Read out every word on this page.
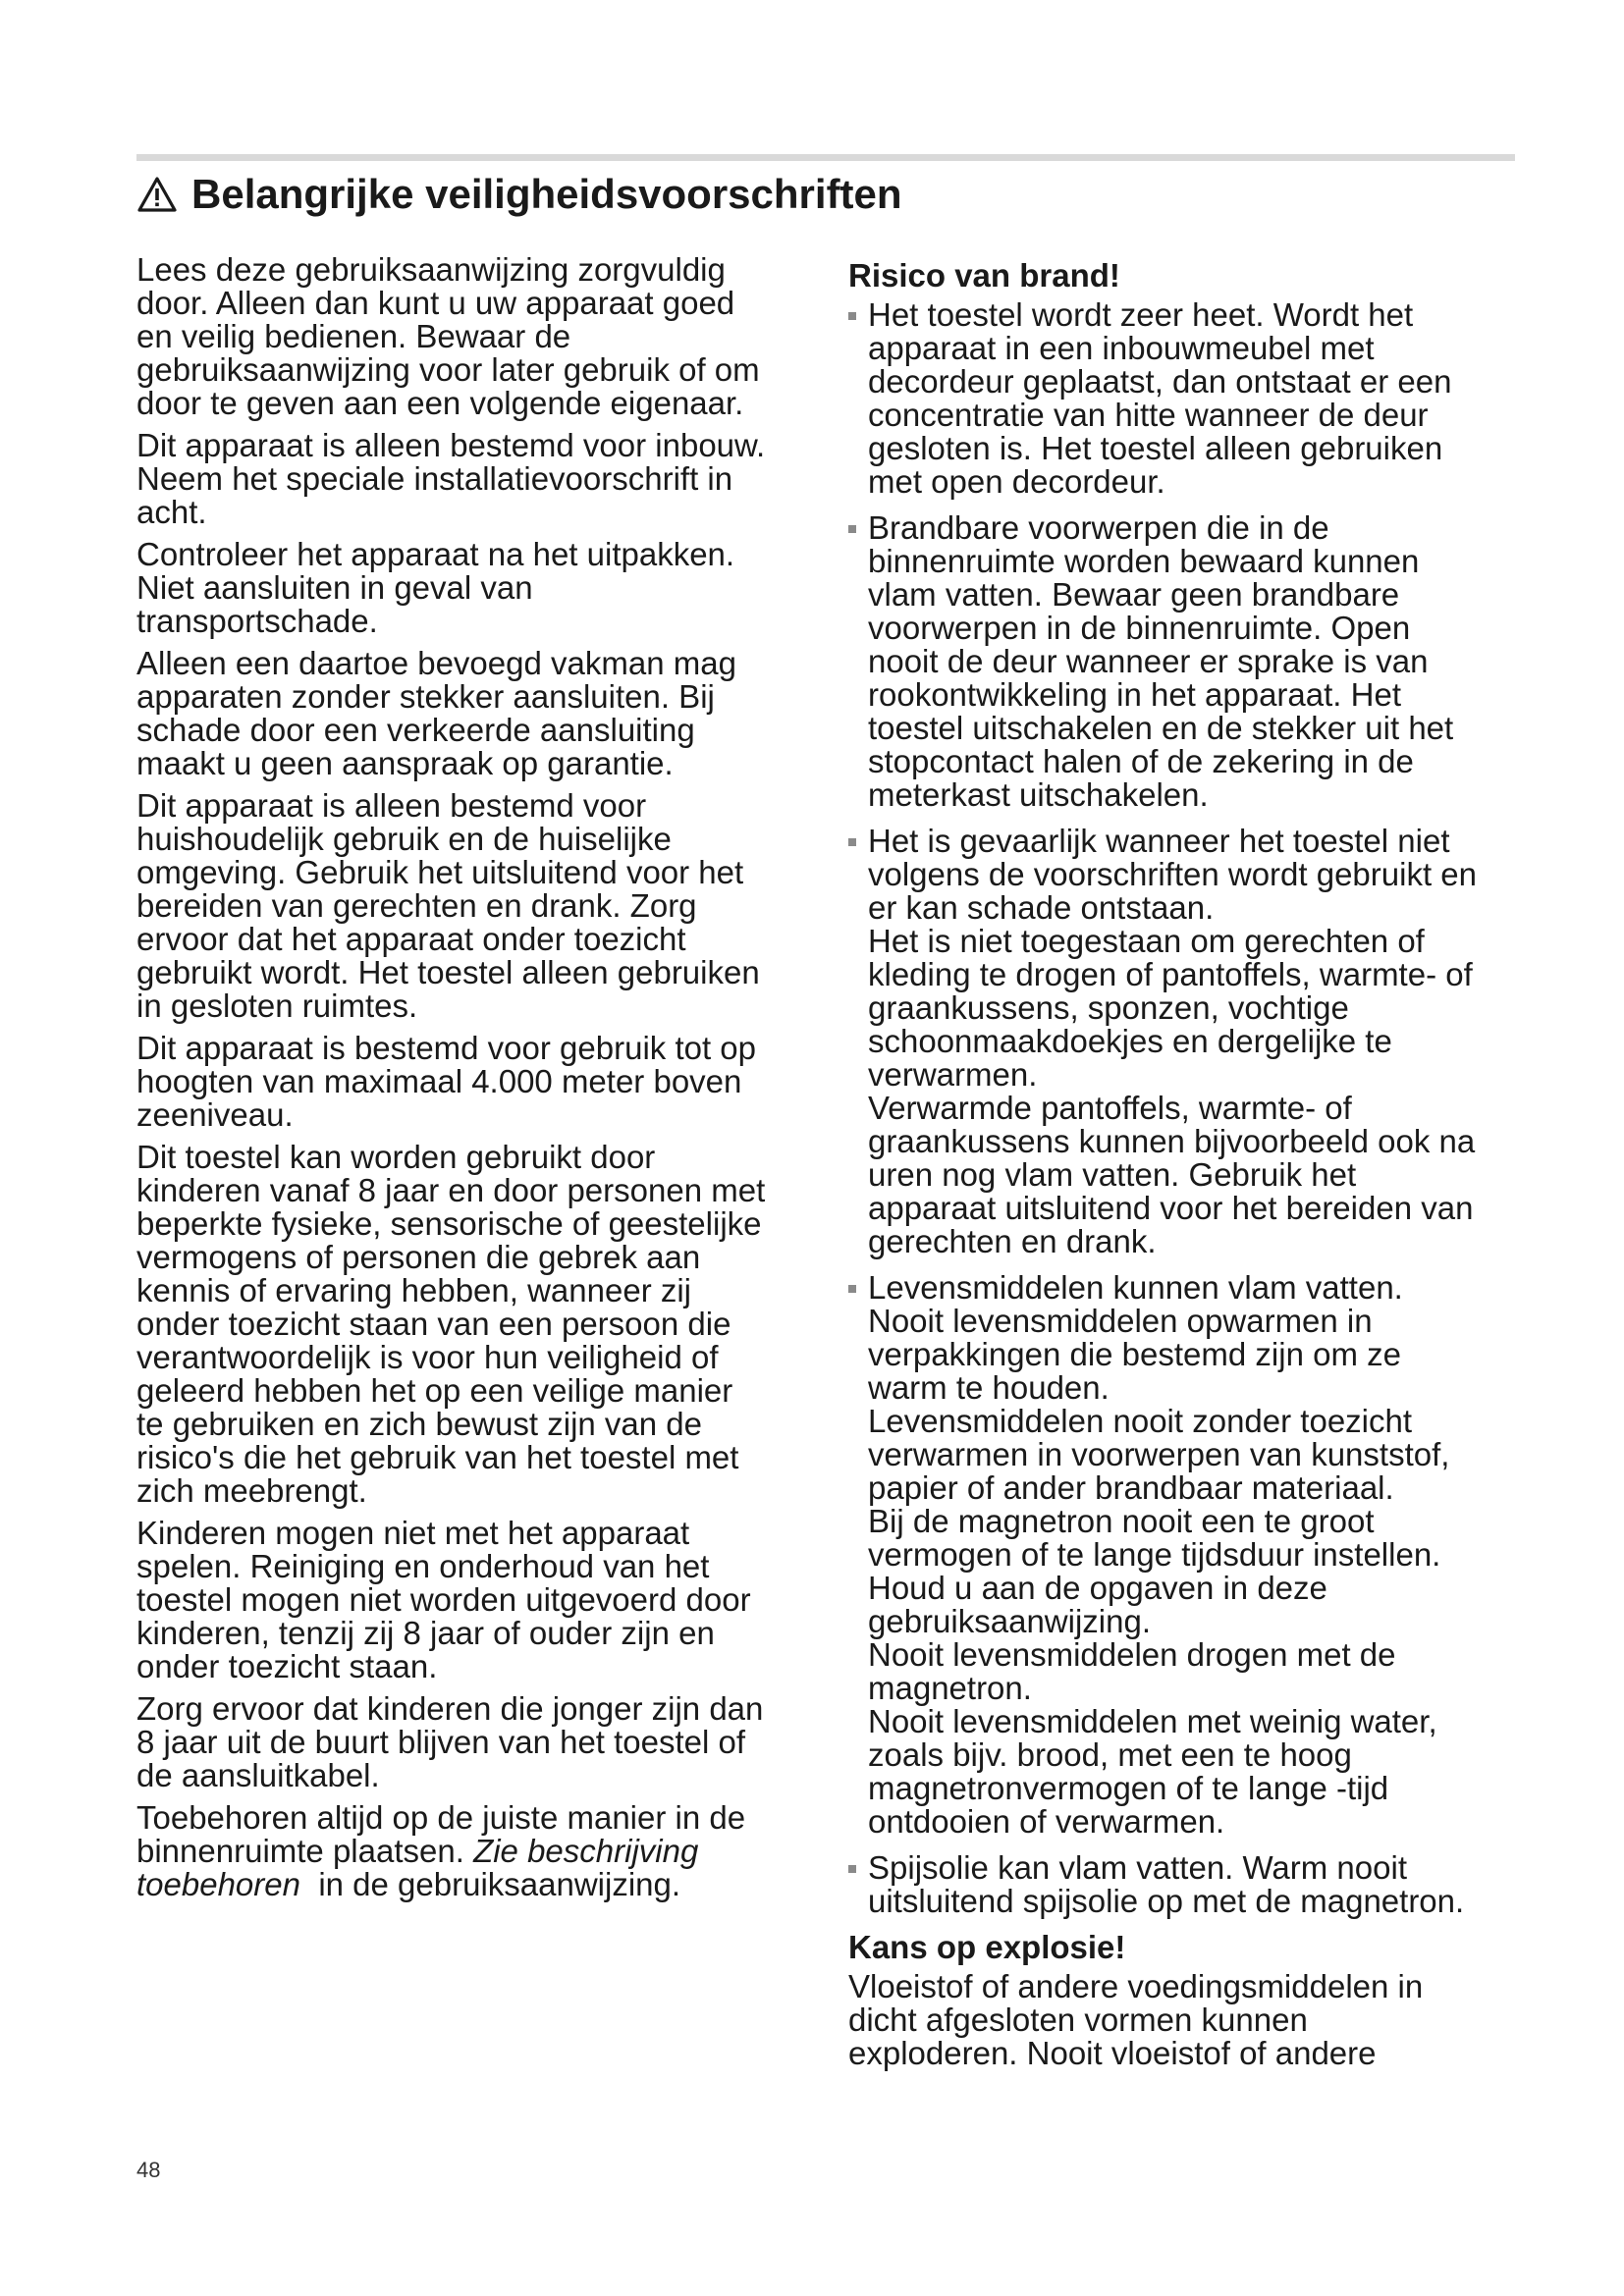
Belangrijke veiligheidsvoorschriften

Lees deze gebruiksaanwijzing zorgvuldig
door. Alleen dan kunt u uw apparaat goed
en veilig bedienen. Bewaar de
gebruiksaanwijzing voor later gebruik of om
door te geven aan een volgende eigenaar.

Dit apparaat is alleen bestemd voor inbouw.
Neem het speciale installatievoorschrift in
acht.

Controleer het apparaat na het uitpakken.
Niet aansluiten in geval van
transportschade.

Alleen een daartoe bevoegd vakman mag
apparaten zonder stekker aansluiten. Bij
schade door een verkeerde aansluiting
maakt u geen aanspraak op garantie.

Dit apparaat is alleen bestemd voor
huishoudelijk gebruik en de huiselijke
omgeving. Gebruik het uitsluitend voor het
bereiden van gerechten en drank. Zorg
ervoor dat het apparaat onder toezicht
gebruikt wordt. Het toestel alleen gebruiken
in gesloten ruimtes.

Dit apparaat is bestemd voor gebruik tot op
hoogten van maximaal 4.000 meter boven
zeeniveau.

Dit toestel kan worden gebruikt door
kinderen vanaf 8 jaar en door personen met
beperkte fysieke, sensorische of geestelijke
vermogens of personen die gebrek aan
kennis of ervaring hebben, wanneer zij
onder toezicht staan van een persoon die
verantwoordelijk is voor hun veiligheid of
geleerd hebben het op een veilige manier
te gebruiken en zich bewust zijn van de
risico's die het gebruik van het toestel met
zich meebrengt.

Kinderen mogen niet met het apparaat
spelen. Reiniging en onderhoud van het
toestel mogen niet worden uitgevoerd door
kinderen, tenzij zij 8 jaar of ouder zijn en
onder toezicht staan.

Zorg ervoor dat kinderen die jonger zijn dan
8 jaar uit de buurt blijven van het toestel of
de aansluitkabel.

Toebehoren altijd op de juiste manier in de
binnenruimte plaatsen. Zie beschrijving
toebehoren  in de gebruiksaanwijzing.

Risico van brand!
Het toestel wordt zeer heet. Wordt het
apparaat in een inbouwmeubel met
decordeur geplaatst, dan ontstaat er een
concentratie van hitte wanneer de deur
gesloten is. Het toestel alleen gebruiken
met open decordeur.
Brandbare voorwerpen die in de
binnenruimte worden bewaard kunnen
vlam vatten. Bewaar geen brandbare
voorwerpen in de binnenruimte. Open
nooit de deur wanneer er sprake is van
rookontwikkeling in het apparaat. Het
toestel uitschakelen en de stekker uit het
stopcontact halen of de zekering in de
meterkast uitschakelen.
Het is gevaarlijk wanneer het toestel niet
volgens de voorschriften wordt gebruikt en
er kan schade ontstaan.
Het is niet toegestaan om gerechten of
kleding te drogen of pantoffels, warmte- of
graankussens, sponzen, vochtige
schoonmaakdoekjes en dergelijke te
verwarmen.
Verwarmde pantoffels, warmte- of
graankussens kunnen bijvoorbeeld ook na
uren nog vlam vatten. Gebruik het
apparaat uitsluitend voor het bereiden van
gerechten en drank.
Levensmiddelen kunnen vlam vatten.
Nooit levensmiddelen opwarmen in
verpakkingen die bestemd zijn om ze
warm te houden.
Levensmiddelen nooit zonder toezicht
verwarmen in voorwerpen van kunststof,
papier of ander brandbaar materiaal.
Bij de magnetron nooit een te groot
vermogen of te lange tijdsduur instellen.
Houd u aan de opgaven in deze
gebruiksaanwijzing.
Nooit levensmiddelen drogen met de
magnetron.
Nooit levensmiddelen met weinig water,
zoals bijv. brood, met een te hoog
magnetronvermogen of te lange -tijd
ontdooien of verwarmen.
Spijsolie kan vlam vatten. Warm nooit
uitsluitend spijsolie op met de magnetron.
Kans op explosie!

Vloeistof of andere voedingsmiddelen in
dicht afgesloten vormen kunnen
exploderen. Nooit vloeistof of andere

48
